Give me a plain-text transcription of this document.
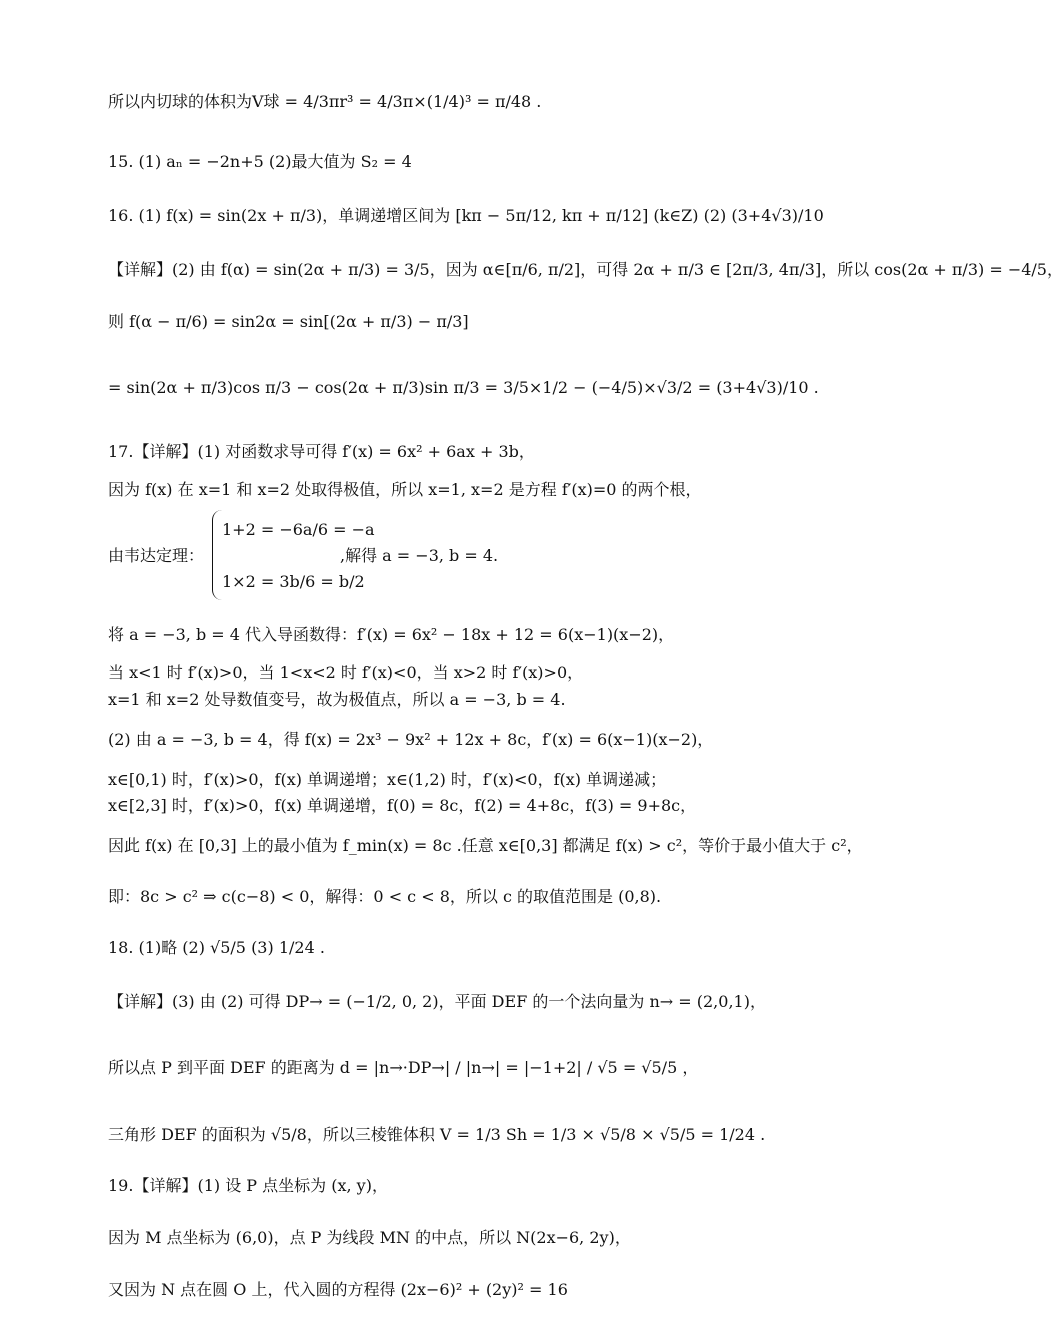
所以内切球的体积为V球 = 4/3πr³ = 4/3π×(1/4)³ = π/48 .
15. (1) aₙ = −2n+5 (2)最大值为 S₂ = 4
16. (1) f(x) = sin(2x + π/3)，单调递增区间为 [kπ − 5π/12, kπ + π/12] (k∈Z) (2) (3+4√3)/10
【详解】(2) 由 f(α) = sin(2α + π/3) = 3/5，因为 α∈[π/6, π/2]，可得 2α + π/3 ∈ [2π/3, 4π/3]，所以 cos(2α + π/3) = −4/5，
则 f(α − π/6) = sin2α = sin[(2α + π/3) − π/3]
= sin(2α + π/3)cos π/3 − cos(2α + π/3)sin π/3 = 3/5×1/2 − (−4/5)×√3/2 = (3+4√3)/10 .
17.【详解】(1) 对函数求导可得 f′(x) = 6x² + 6ax + 3b，
因为 f(x) 在 x=1 和 x=2 处取得极值，所以 x=1, x=2 是方程 f′(x)=0 的两个根，
1+2 = −6a/6 = −a
由韦达定理：
1×2 = 3b/6 = b/2
,解得 a = −3, b = 4.
将 a = −3, b = 4 代入导函数得：f′(x) = 6x² − 18x + 12 = 6(x−1)(x−2)，
当 x<1 时 f′(x)>0，当 1<x<2 时 f′(x)<0，当 x>2 时 f′(x)>0，
x=1 和 x=2 处导数值变号，故为极值点，所以 a = −3, b = 4.
(2) 由 a = −3, b = 4，得 f(x) = 2x³ − 9x² + 12x + 8c，f′(x) = 6(x−1)(x−2)，
x∈[0,1) 时，f′(x)>0，f(x) 单调递增；x∈(1,2) 时，f′(x)<0，f(x) 单调递减；
x∈[2,3] 时，f′(x)>0，f(x) 单调递增，f(0) = 8c，f(2) = 4+8c，f(3) = 9+8c，
因此 f(x) 在 [0,3] 上的最小值为 f_min(x) = 8c .任意 x∈[0,3] 都满足 f(x) > c²，等价于最小值大于 c²，
即：8c > c² ⇒ c(c−8) < 0，解得：0 < c < 8，所以 c 的取值范围是 (0,8).
18. (1)略 (2) √5/5 (3) 1/24 .
【详解】(3) 由 (2) 可得 DP→ = (−1/2, 0, 2)，平面 DEF 的一个法向量为 n→ = (2,0,1)，
所以点 P 到平面 DEF 的距离为 d = |n→·DP→| / |n→| = |−1+2| / √5 = √5/5 ，
三角形 DEF 的面积为 √5/8，所以三棱锥体积 V = 1/3 Sh = 1/3 × √5/8 × √5/5 = 1/24 .
19.【详解】(1) 设 P 点坐标为 (x, y)，
因为 M 点坐标为 (6,0)，点 P 为线段 MN 的中点，所以 N(2x−6, 2y)，
又因为 N 点在圆 O 上，代入圆的方程得 (2x−6)² + (2y)² = 16
